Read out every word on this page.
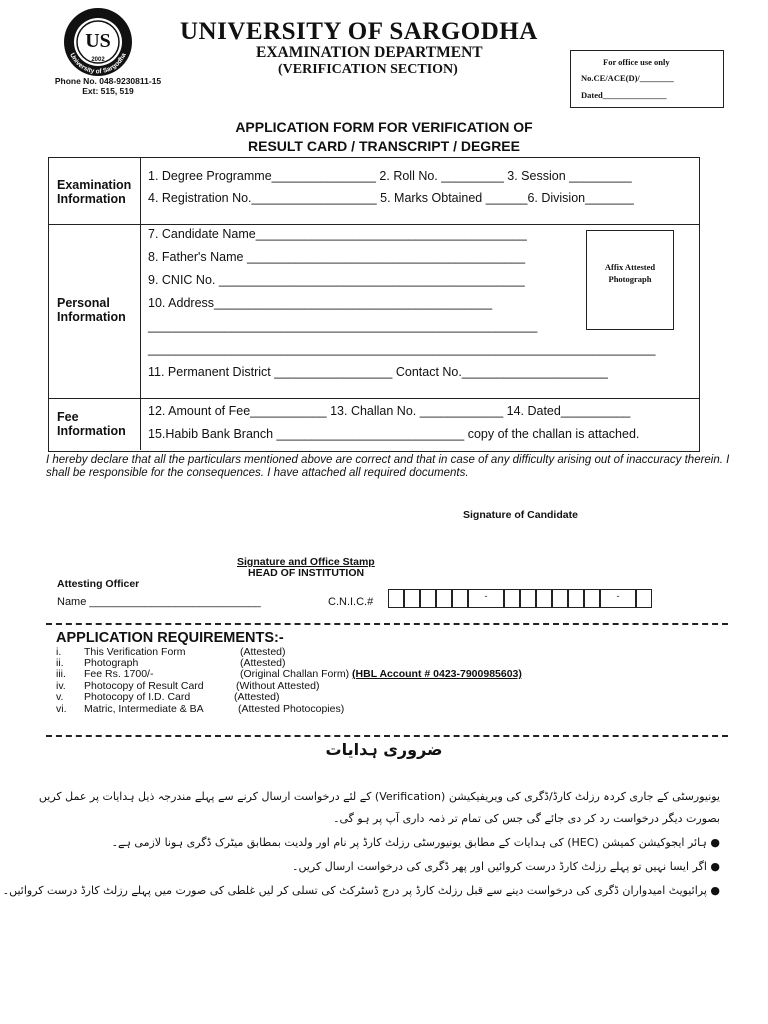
US
2002
University of Sargodha
UNIVERSITY OF SARGODHA
EXAMINATION DEPARTMENT
(VERIFICATION SECTION)
Phone No. 048-9230811-15
Ext: 515, 519
For office use only
No.CE/ACE(D)/________
Dated_______________
APPLICATION FORM FOR VERIFICATION OF
RESULT CARD / TRANSCRIPT / DEGREE
Examination
Information
1. Degree Programme_______________ 2. Roll No. _________ 3. Session _________
4. Registration No.__________________ 5. Marks Obtained ______6. Division_______
Personal
Information
7. Candidate Name_______________________________________
8. Father's Name ________________________________________
9. CNIC No. ____________________________________________
10. Address________________________________________
________________________________________________________
_________________________________________________________________________
11. Permanent District _________________ Contact No._____________________
Affix Attested
Photograph
Fee
Information
12. Amount of Fee___________ 13. Challan No. ____________ 14. Dated__________
15.Habib Bank Branch ___________________________ copy of the challan is attached.
I hereby declare that all the particulars mentioned above are correct and that in case of any difficulty arising out of inaccuracy therein. I shall be responsible for the consequences. I have attached all required documents.
Signature of Candidate
Signature and Office Stamp
HEAD OF INSTITUTION
Attesting Officer
Name ____________________________	C.N.I.C.#	-	-
APPLICATION REQUIREMENTS:-
i. This Verification Form	(Attested)
ii. Photograph	(Attested)
iii. Fee Rs. 1700/-	(Original Challan Form) (HBL Account # 0423-7900985603)
iv. Photocopy of Result Card	(Without Attested)
v. Photocopy of I.D. Card	(Attested)
vi. Matric, Intermediate & BA	(Attested Photocopies)
ضروری ہدایات
یونیورسٹی کے جاری کردہ رزلٹ کارڈ/ڈگری کی ویریفیکیشن (Verification) کے لئے درخواست ارسال کرنے سے پہلے مندرجہ ذیل ہدایات پر عمل کریں
بصورت دیگر درخواست رد کر دی جائے گی جس کی تمام تر ذمہ داری آپ پر ہو گی۔
● ہائر ایجوکیشن کمیشن (HEC) کی ہدایات کے مطابق یونیورسٹی رزلٹ کارڈ پر نام اور ولدیت بمطابق میٹرک ڈگری ہونا لازمی ہے۔
● اگر ایسا نہیں تو پہلے رزلٹ کارڈ درست کروائیں اور پھر ڈگری کی درخواست ارسال کریں۔
● پرائیویٹ امیدواران ڈگری کی درخواست دینے سے قبل رزلٹ کارڈ پر درج ڈسٹرکٹ کی تسلی کر لیں غلطی کی صورت میں پہلے رزلٹ کارڈ درست کروائیں۔
